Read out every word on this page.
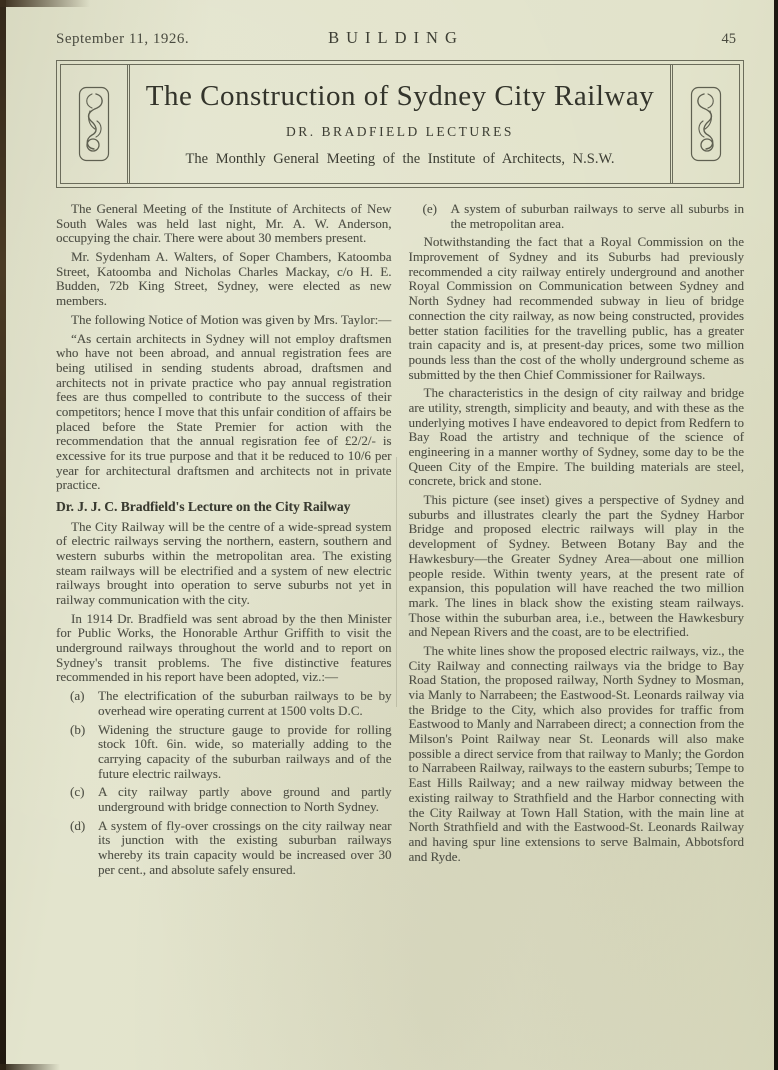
September 11, 1926.	BUILDING	45
The Construction of Sydney City Railway
DR. BRADFIELD LECTURES
The Monthly General Meeting of the Institute of Architects, N.S.W.

The General Meeting of the Institute of Architects of New South Wales was held last night, Mr. A. W. Anderson, occupying the chair. There were about 30 members present.

Mr. Sydenham A. Walters, of Soper Chambers, Katoomba Street, Katoomba and Nicholas Charles Mackay, c/o H. E. Budden, 72b King Street, Sydney, were elected as new members.

The following Notice of Motion was given by Mrs. Taylor:—

“As certain architects in Sydney will not employ draftsmen who have not been abroad, and annual registration fees are being utilised in sending students abroad, draftsmen and architects not in private practice who pay annual registration fees are thus compelled to contribute to the success of their competitors; hence I move that this unfair condition of affairs be placed before the State Premier for action with the recommendation that the annual regisration fee of £2/2/- is excessive for its true purpose and that it be reduced to 10/6 per year for architectural draftsmen and architects not in private practice.

Dr. J. J. C. Bradfield's Lecture on the City Railway

The City Railway will be the centre of a wide-spread system of electric railways serving the northern, eastern, southern and western suburbs within the metropolitan area. The existing steam railways will be electrified and a system of new electric railways brought into operation to serve suburbs not yet in railway communication with the city.

In 1914 Dr. Bradfield was sent abroad by the then Minister for Public Works, the Honorable Arthur Griffith to visit the underground railways throughout the world and to report on Sydney's transit problems. The five distinctive features recommended in his report have been adopted, viz.:—

(a) The electrification of the suburban railways to be by overhead wire operating current at 1500 volts D.C.
(b) Widening the structure gauge to provide for rolling stock 10ft. 6in. wide, so materially adding to the carrying capacity of the suburban railways and of the future electric railways.
(c) A city railway partly above ground and partly underground with bridge connection to North Sydney.
(d) A system of fly-over crossings on the city railway near its junction with the existing suburban railways whereby its train capacity would be increased over 30 per cent., and absolute safely ensured.
(e) A system of suburban railways to serve all suburbs in the metropolitan area.

Notwithstanding the fact that a Royal Commission on the Improvement of Sydney and its Suburbs had previously recommended a city railway entirely underground and another Royal Commission on Communication between Sydney and North Sydney had recommended subway in lieu of bridge connection the city railway, as now being constructed, provides better station facilities for the travelling public, has a greater train capacity and is, at present-day prices, some two million pounds less than the cost of the wholly underground scheme as submitted by the then Chief Commissioner for Railways.

The characteristics in the design of city railway and bridge are utility, strength, simplicity and beauty, and with these as the underlying motives I have endeavored to depict from Redfern to Bay Road the artistry and technique of the science of engineering in a manner worthy of Sydney, some day to be the Queen City of the Empire. The building materials are steel, concrete, brick and stone.

This picture (see inset) gives a perspective of Sydney and suburbs and illustrates clearly the part the Sydney Harbor Bridge and proposed electric railways will play in the development of Sydney. Between Botany Bay and the Hawkesbury—the Greater Sydney Area—about one million people reside. Within twenty years, at the present rate of expansion, this population will have reached the two million mark. The lines in black show the existing steam railways. Those within the suburban area, i.e., between the Hawkesbury and Nepean Rivers and the coast, are to be electrified.

The white lines show the proposed electric railways, viz., the City Railway and connecting railways via the bridge to Bay Road Station, the proposed railway, North Sydney to Mosman, via Manly to Narrabeen; the Eastwood-St. Leonards railway via the Bridge to the City, which also provides for traffic from Eastwood to Manly and Narrabeen direct; a connection from the Milson's Point Railway near St. Leonards will also make possible a direct service from that railway to Manly; the Gordon to Narrabeen Railway, railways to the eastern suburbs; Tempe to East Hills Railway; and a new railway midway between the existing railway to Strathfield and the Harbor connecting with the City Railway at Town Hall Station, with the main line at North Strathfield and with the Eastwood-St. Leonards Railway and having spur line extensions to serve Balmain, Abbotsford and Ryde.
